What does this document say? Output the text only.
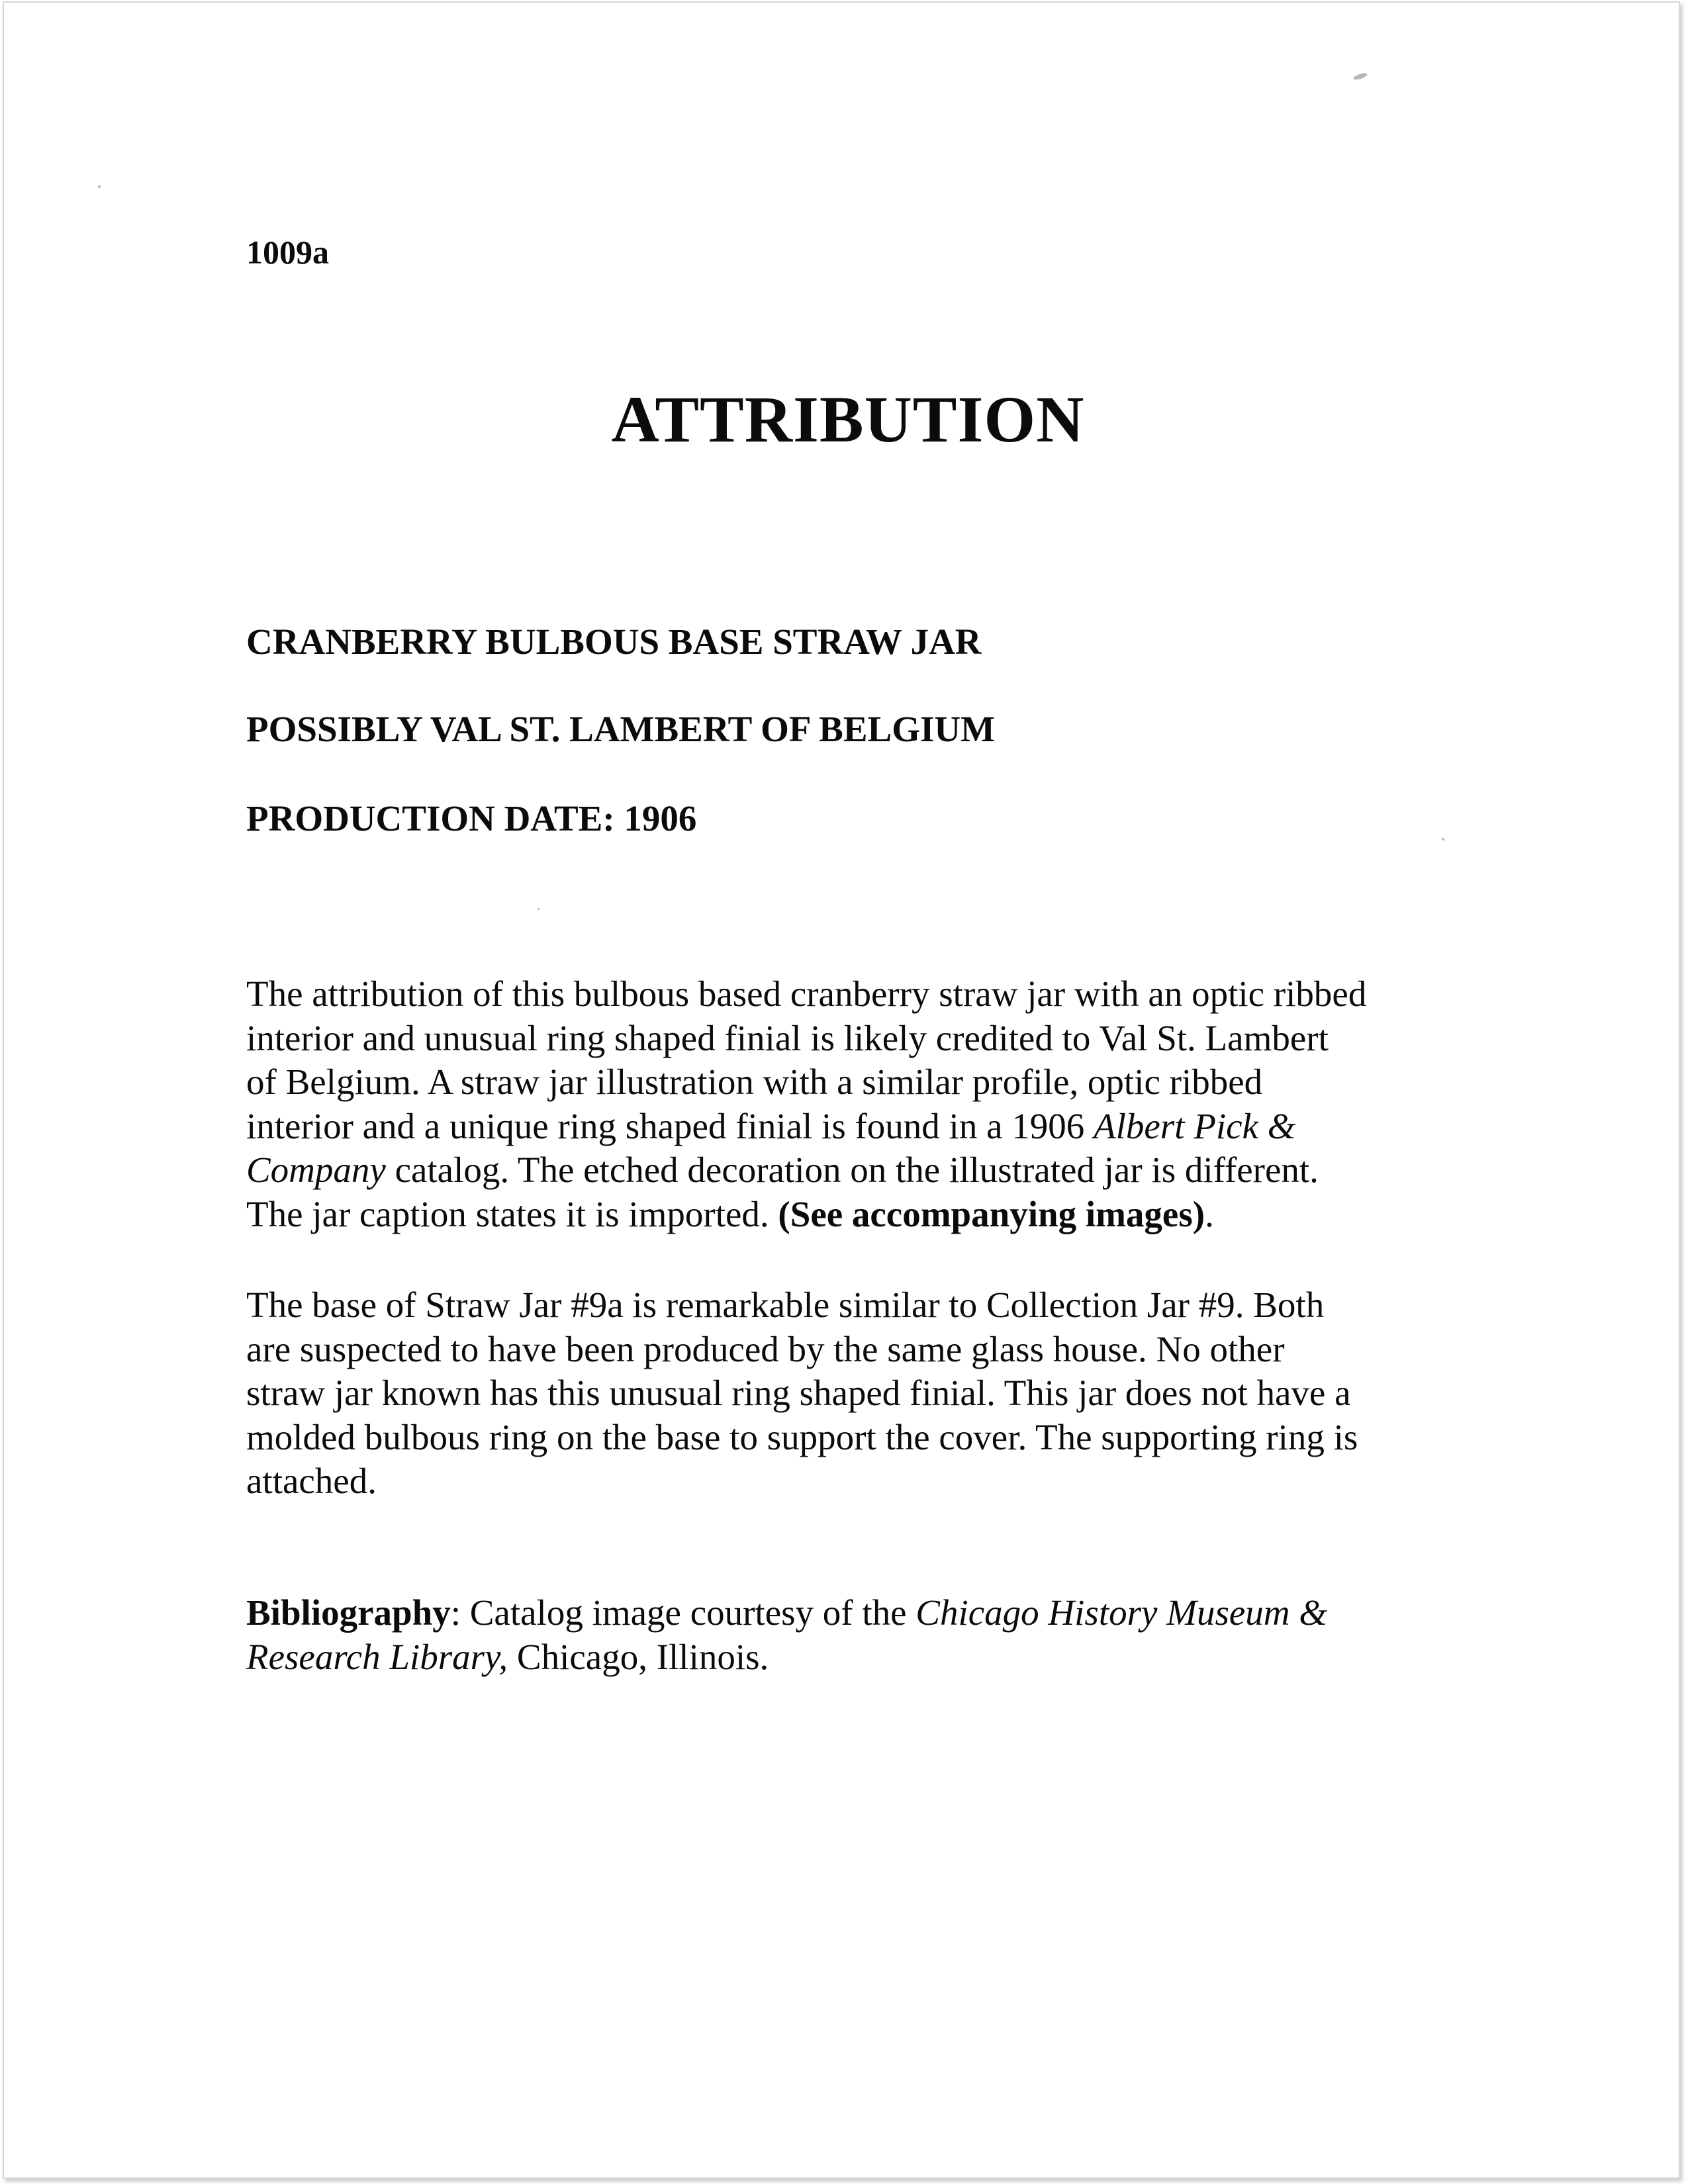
1009a
ATTRIBUTION
CRANBERRY BULBOUS BASE STRAW JAR
POSSIBLY VAL ST. LAMBERT OF BELGIUM
PRODUCTION DATE: 1906
The attribution of this bulbous based cranberry straw jar with an optic ribbed
interior and unusual ring shaped finial is likely credited to Val St. Lambert
of Belgium. A straw jar illustration with a similar profile, optic ribbed
interior and a unique ring shaped finial is found in a 1906 Albert Pick &
Company catalog. The etched decoration on the illustrated jar is different.
The jar caption states it is imported. (See accompanying images).
The base of Straw Jar #9a is remarkable similar to Collection Jar #9. Both
are suspected to have been produced by the same glass house. No other
straw jar known has this unusual ring shaped finial. This jar does not have a
molded bulbous ring on the base to support the cover. The supporting ring is
attached.
Bibliography: Catalog image courtesy of the Chicago History Museum &
Research Library, Chicago, Illinois.
